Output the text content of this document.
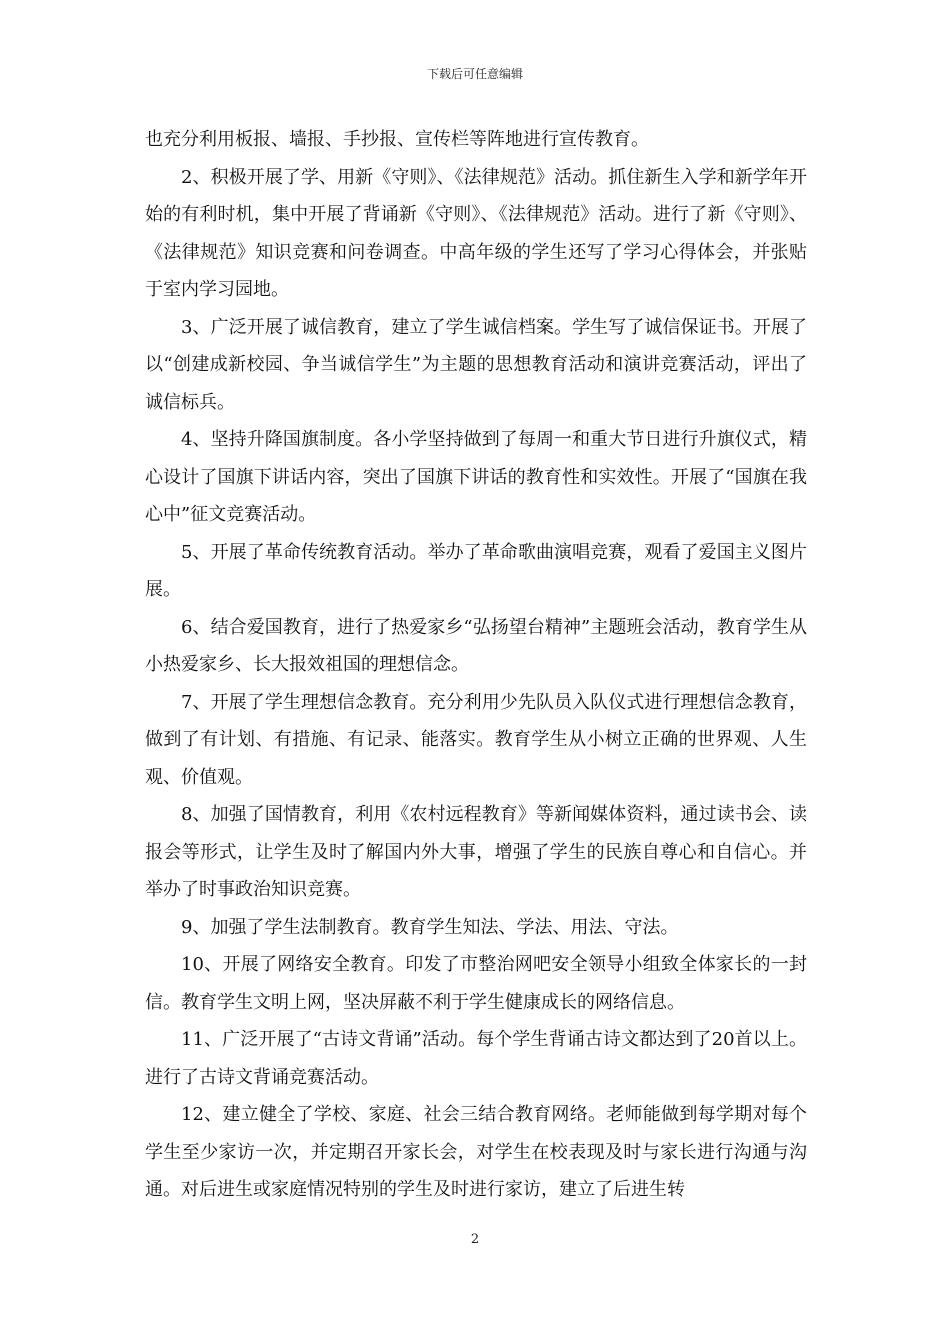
下载后可任意编辑

也充分利用板报、墙报、手抄报、宣传栏等阵地进行宣传教育。

2、积极开展了学、用新《守则》、《法律规范》活动。抓住新生入学和新学年开始的有利时机，集中开展了背诵新《守则》、《法律规范》活动。进行了新《守则》、《法律规范》知识竞赛和问卷调查。中高年级的学生还写了学习心得体会，并张贴于室内学习园地。

3、广泛开展了诚信教育，建立了学生诚信档案。学生写了诚信保证书。开展了以“创建成新校园、争当诚信学生”为主题的思想教育活动和演讲竞赛活动，评出了诚信标兵。

4、坚持升降国旗制度。各小学坚持做到了每周一和重大节日进行升旗仪式，精心设计了国旗下讲话内容，突出了国旗下讲话的教育性和实效性。开展了“国旗在我心中”征文竞赛活动。

5、开展了革命传统教育活动。举办了革命歌曲演唱竞赛，观看了爱国主义图片展。

6、结合爱国教育，进行了热爱家乡“弘扬望台精神”主题班会活动，教育学生从小热爱家乡、长大报效祖国的理想信念。

7、开展了学生理想信念教育。充分利用少先队员入队仪式进行理想信念教育，做到了有计划、有措施、有记录、能落实。教育学生从小树立正确的世界观、人生观、价值观。

8、加强了国情教育，利用《农村远程教育》等新闻媒体资料，通过读书会、读报会等形式，让学生及时了解国内外大事，增强了学生的民族自尊心和自信心。并举办了时事政治知识竞赛。

9、加强了学生法制教育。教育学生知法、学法、用法、守法。

10、开展了网络安全教育。印发了市整治网吧安全领导小组致全体家长的一封信。教育学生文明上网，坚决屏蔽不利于学生健康成长的网络信息。

11、广泛开展了“古诗文背诵”活动。每个学生背诵古诗文都达到了20首以上。进行了古诗文背诵竞赛活动。

12、建立健全了学校、家庭、社会三结合教育网络。老师能做到每学期对每个学生至少家访一次，并定期召开家长会，对学生在校表现及时与家长进行沟通与沟通。对后进生或家庭情况特别的学生及时进行家访，建立了后进生转

2
